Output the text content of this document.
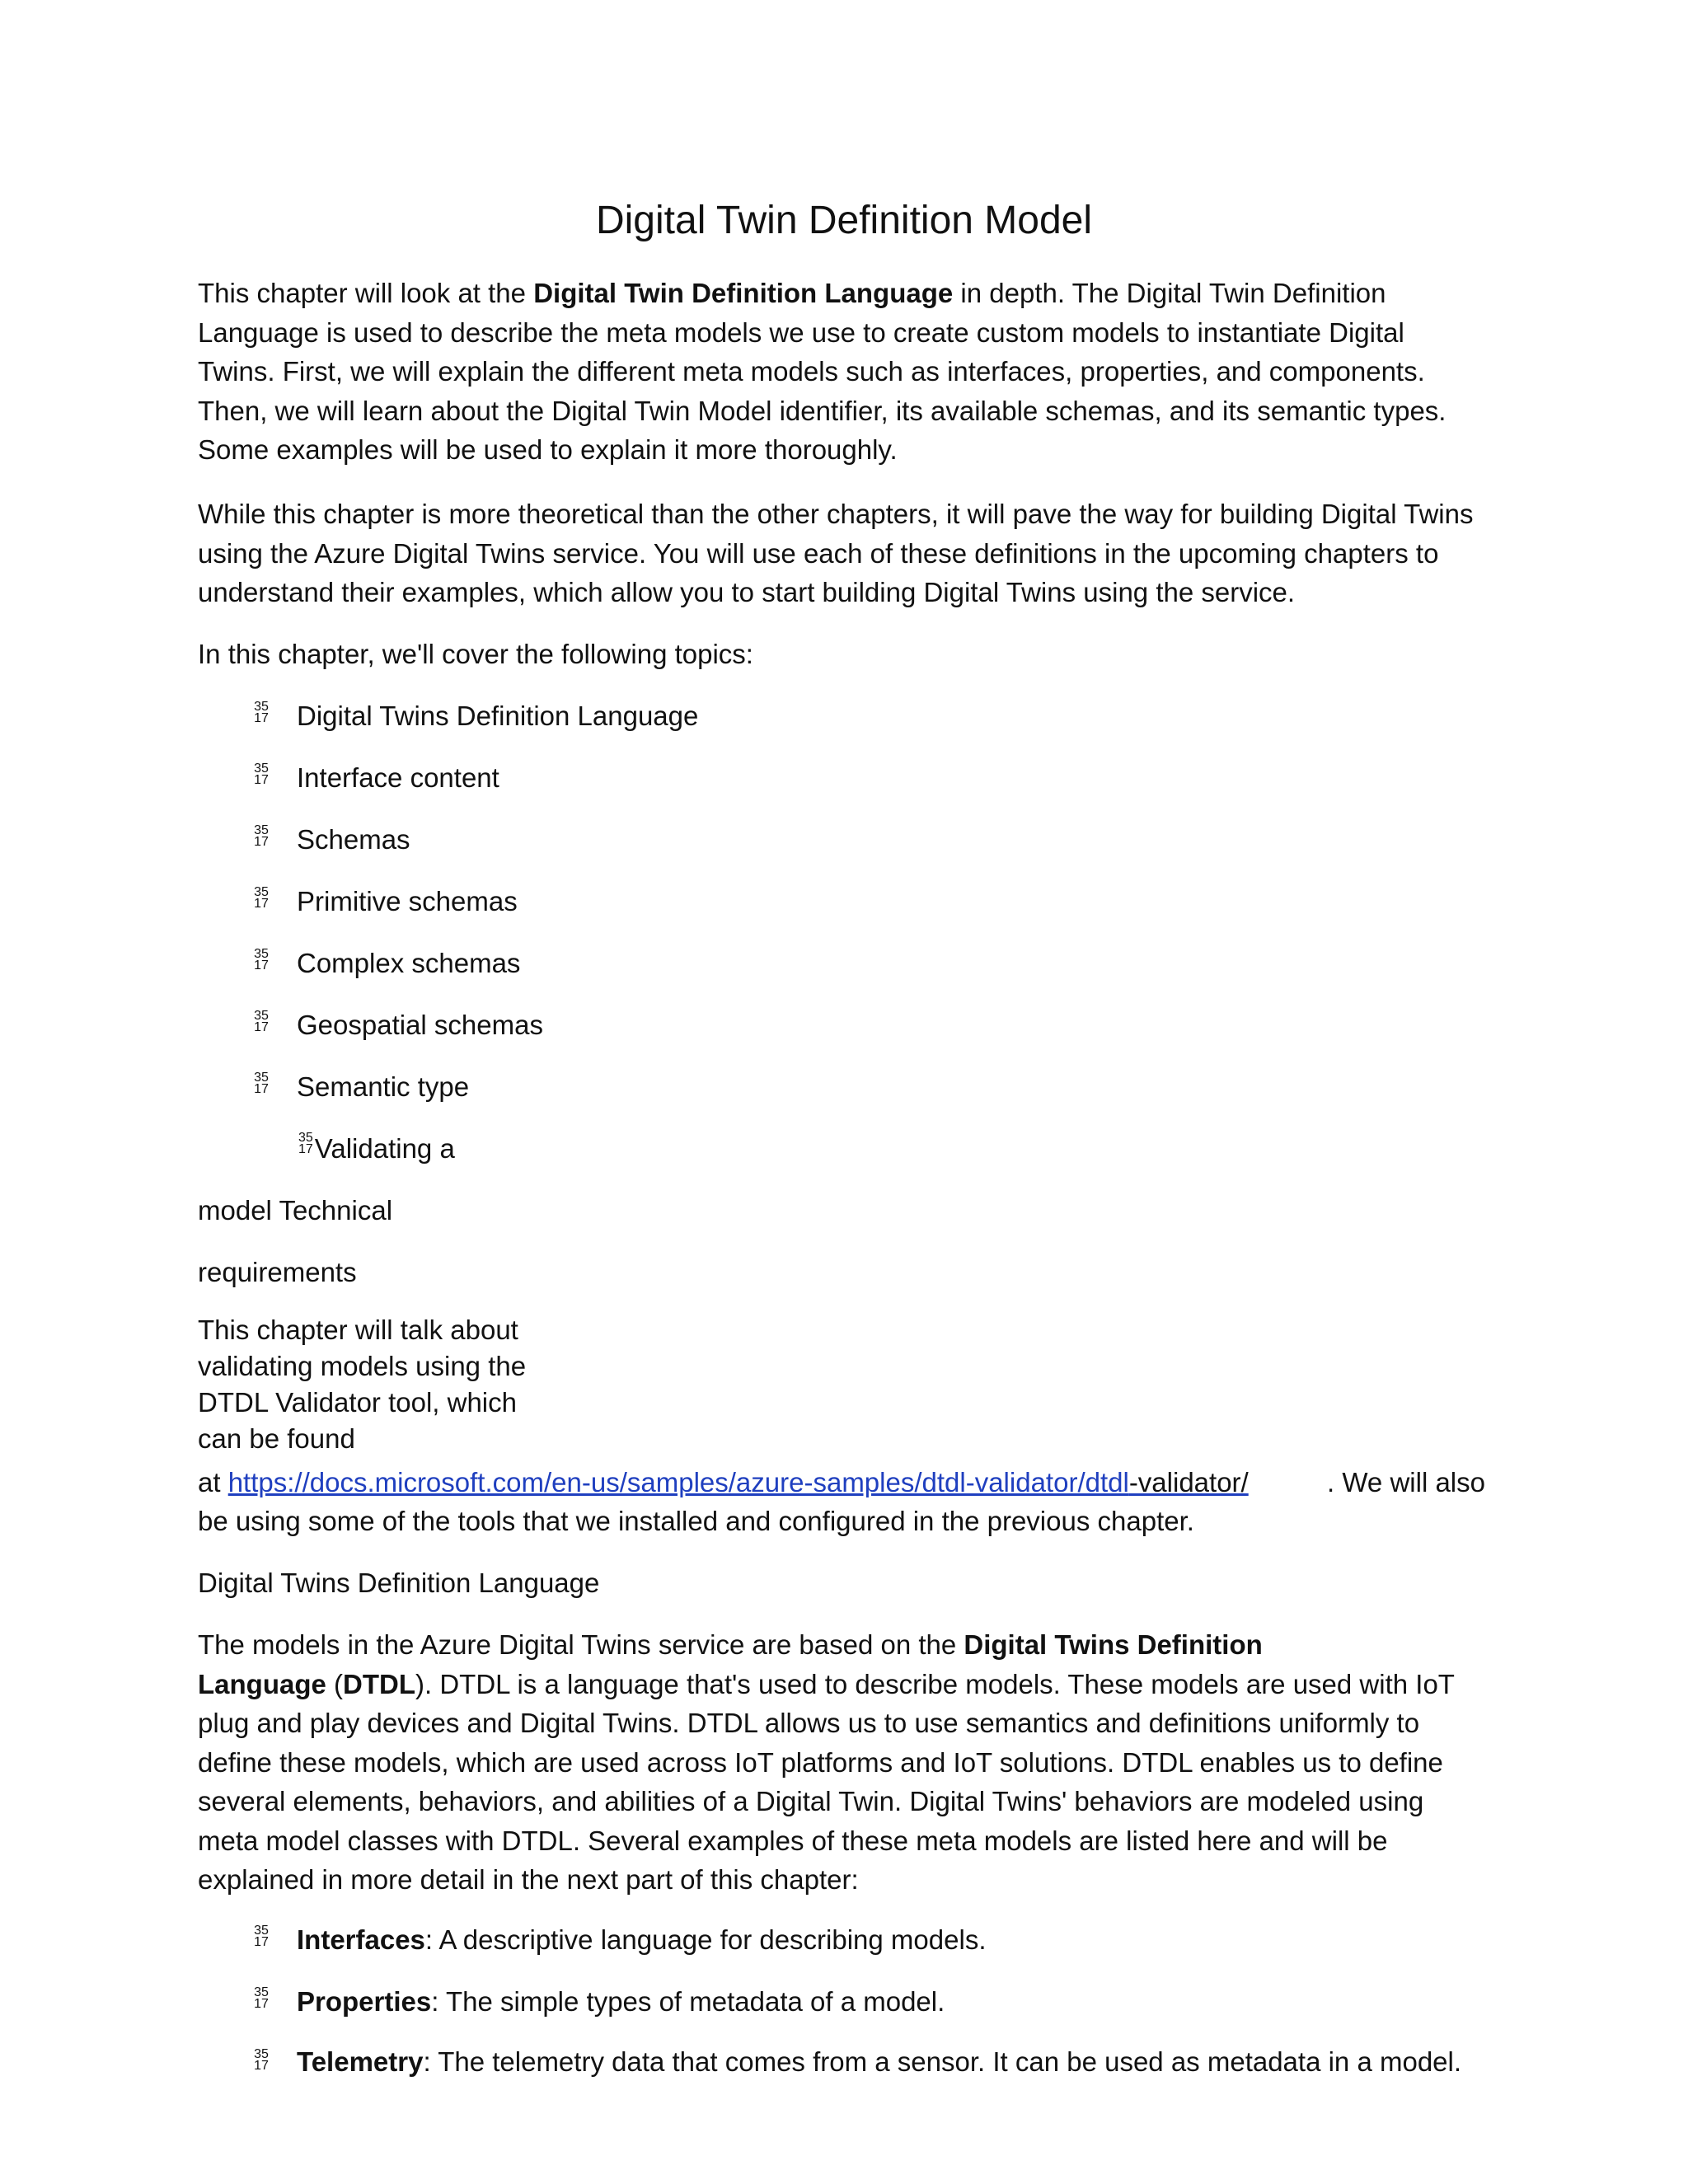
Digital Twin Definition Model

This chapter will look at the Digital Twin Definition Language in depth. The Digital Twin Definition Language is used to describe the meta models we use to create custom models to instantiate Digital Twins. First, we will explain the different meta models such as interfaces, properties, and components. Then, we will learn about the Digital Twin Model identifier, its available schemas, and its semantic types. Some examples will be used to explain it more thoroughly.

While this chapter is more theoretical than the other chapters, it will pave the way for building Digital Twins using the Azure Digital Twins service. You will use each of these definitions in the upcoming chapters to understand their examples, which allow you to start building Digital Twins using the service.

In this chapter, we'll cover the following topics:
35
17 Digital Twins Definition Language
35
17 Interface content
35
17 Schemas
35
17 Primitive schemas
35
17 Complex schemas
35
17 Geospatial schemas
35
17 Semantic type
35
17 Validating a
model Technical
requirements
This chapter will talk about validating models using the DTDL Validator tool, which can be found
at https://docs.microsoft.com/en-us/samples/azure-samples/dtdl-validator/dtdl-validator/	. We will also
be using some of the tools that we installed and configured in the previous chapter.
Digital Twins Definition Language

The models in the Azure Digital Twins service are based on the Digital Twins Definition
Language (DTDL). DTDL is a language that's used to describe models. These models are used with IoT plug and play devices and Digital Twins. DTDL allows us to use semantics and definitions uniformly to define these models, which are used across IoT platforms and IoT solutions. DTDL enables us to define several elements, behaviors, and abilities of a Digital Twin. Digital Twins' behaviors are modeled using meta model classes with DTDL. Several examples of these meta models are listed here and will be explained in more detail in the next part of this chapter:

35
17 Interfaces: A descriptive language for describing models.
35
17 Properties: The simple types of metadata of a model.
35
17 Telemetry: The telemetry data that comes from a sensor. It can be used as metadata in a model.
